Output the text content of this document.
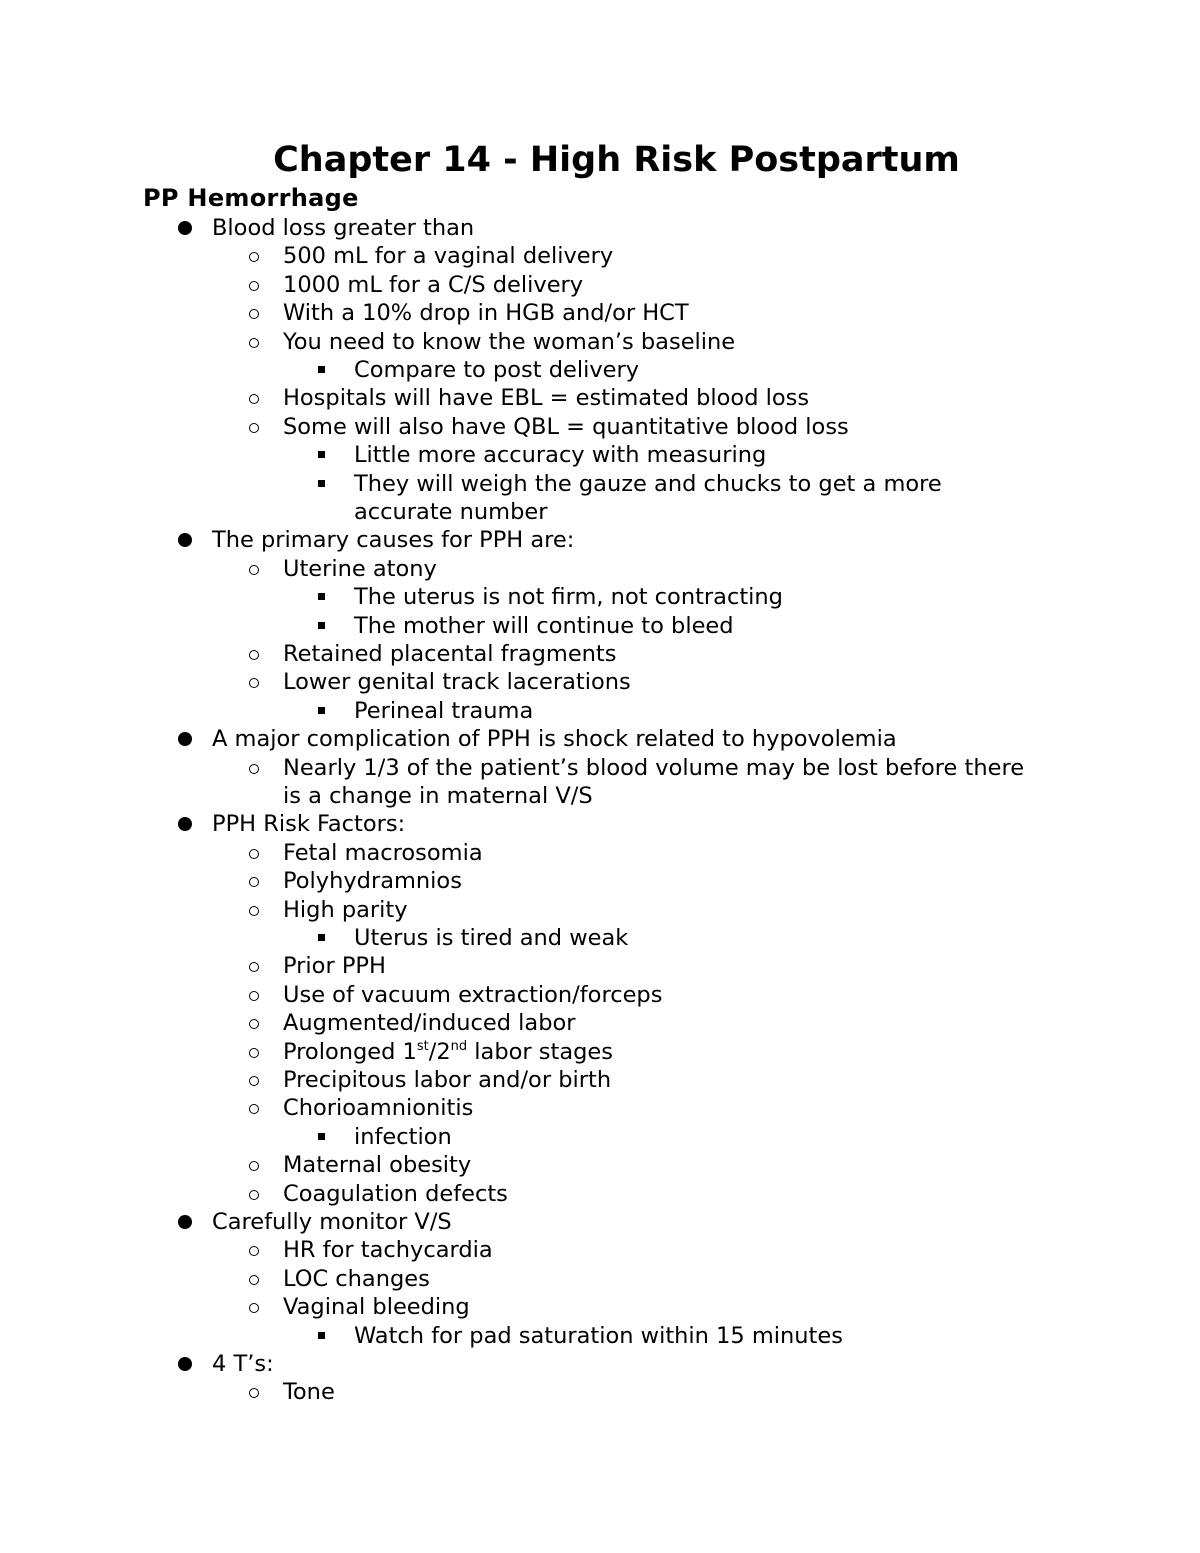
Chapter 14 - High Risk Postpartum
PP Hemorrhage
Blood loss greater than
500 mL for a vaginal delivery
1000 mL for a C/S delivery
With a 10% drop in HGB and/or HCT
You need to know the woman’s baseline
Compare to post delivery
Hospitals will have EBL = estimated blood loss
Some will also have QBL = quantitative blood loss
Little more accuracy with measuring
They will weigh the gauze and chucks to get a more
accurate number
The primary causes for PPH are:
Uterine atony
The uterus is not firm, not contracting
The mother will continue to bleed
Retained placental fragments
Lower genital track lacerations
Perineal trauma
A major complication of PPH is shock related to hypovolemia
Nearly 1/3 of the patient’s blood volume may be lost before there
is a change in maternal V/S
PPH Risk Factors:
Fetal macrosomia
Polyhydramnios
High parity
Uterus is tired and weak
Prior PPH
Use of vacuum extraction/forceps
Augmented/induced labor
Prolonged 1st/2nd labor stages
Precipitous labor and/or birth
Chorioamnionitis
infection
Maternal obesity
Coagulation defects
Carefully monitor V/S
HR for tachycardia
LOC changes
Vaginal bleeding
Watch for pad saturation within 15 minutes
4 T’s:
Tone
